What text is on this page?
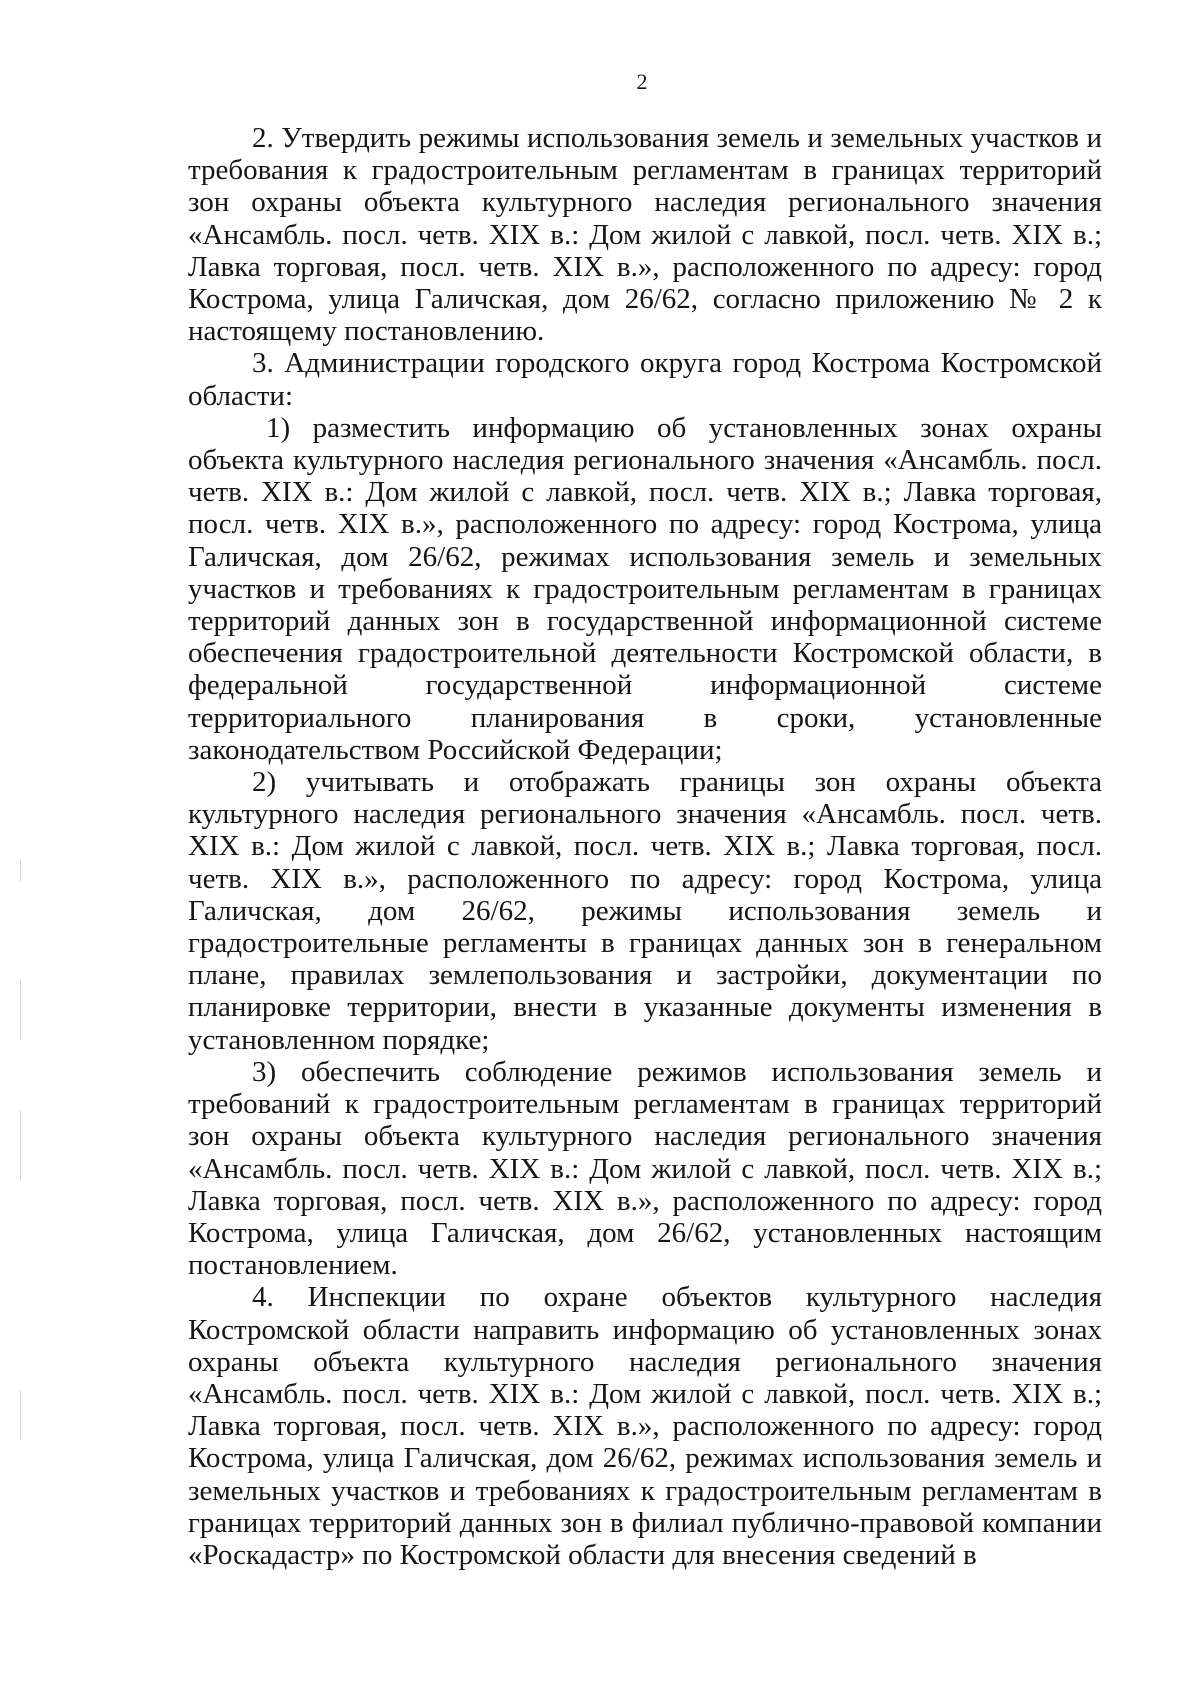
2

2. Утвердить режимы использования земель и земельных участков и требования к градостроительным регламентам в границах территорий зон охраны объекта культурного наследия регионального значения «Ансамбль. посл. четв. XIX в.: Дом жилой с лавкой, посл. четв. XIX в.; Лавка торговая, посл. четв. XIX в.», расположенного по адресу: город Кострома, улица Галичская, дом 26/62, согласно приложению № 2 к настоящему постановлению.

3. Администрации городского округа город Кострома Костромской области:

1) разместить информацию об установленных зонах охраны объекта культурного наследия регионального значения «Ансамбль. посл. четв. XIX в.: Дом жилой с лавкой, посл. четв. XIX в.; Лавка торговая, посл. четв. XIX в.», расположенного по адресу: город Кострома, улица Галичская, дом 26/62, режимах использования земель и земельных участков и требованиях к градостроительным регламентам в границах территорий данных зон в государственной информационной системе обеспечения градостроительной деятельности Костромской области, в федеральной государственной информационной системе территориального планирования в сроки, установленные законодательством Российской Федерации;

2) учитывать и отображать границы зон охраны объекта культурного наследия регионального значения «Ансамбль. посл. четв. XIX в.: Дом жилой с лавкой, посл. четв. XIX в.; Лавка торговая, посл. четв. XIX в.», расположенного по адресу: город Кострома, улица Галичская, дом 26/62, режимы использования земель и градостроительные регламенты в границах данных зон в генеральном плане, правилах землепользования и застройки, документации по планировке территории, внести в указанные документы изменения в установленном порядке;

3) обеспечить соблюдение режимов использования земель и требований к градостроительным регламентам в границах территорий зон охраны объекта культурного наследия регионального значения «Ансамбль. посл. четв. XIX в.: Дом жилой с лавкой, посл. четв. XIX в.; Лавка торговая, посл. четв. XIX в.», расположенного по адресу: город Кострома, улица Галичская, дом 26/62, установленных настоящим постановлением.

4. Инспекции по охране объектов культурного наследия Костромской области направить информацию об установленных зонах охраны объекта культурного наследия регионального значения «Ансамбль. посл. четв. XIX в.: Дом жилой с лавкой, посл. четв. XIX в.; Лавка торговая, посл. четв. XIX в.», расположенного по адресу: город Кострома, улица Галичская, дом 26/62, режимах использования земель и земельных участков и требованиях к градостроительным регламентам в границах территорий данных зон в филиал публично-правовой компании «Роскадастр» по Костромской области для внесения сведений в
